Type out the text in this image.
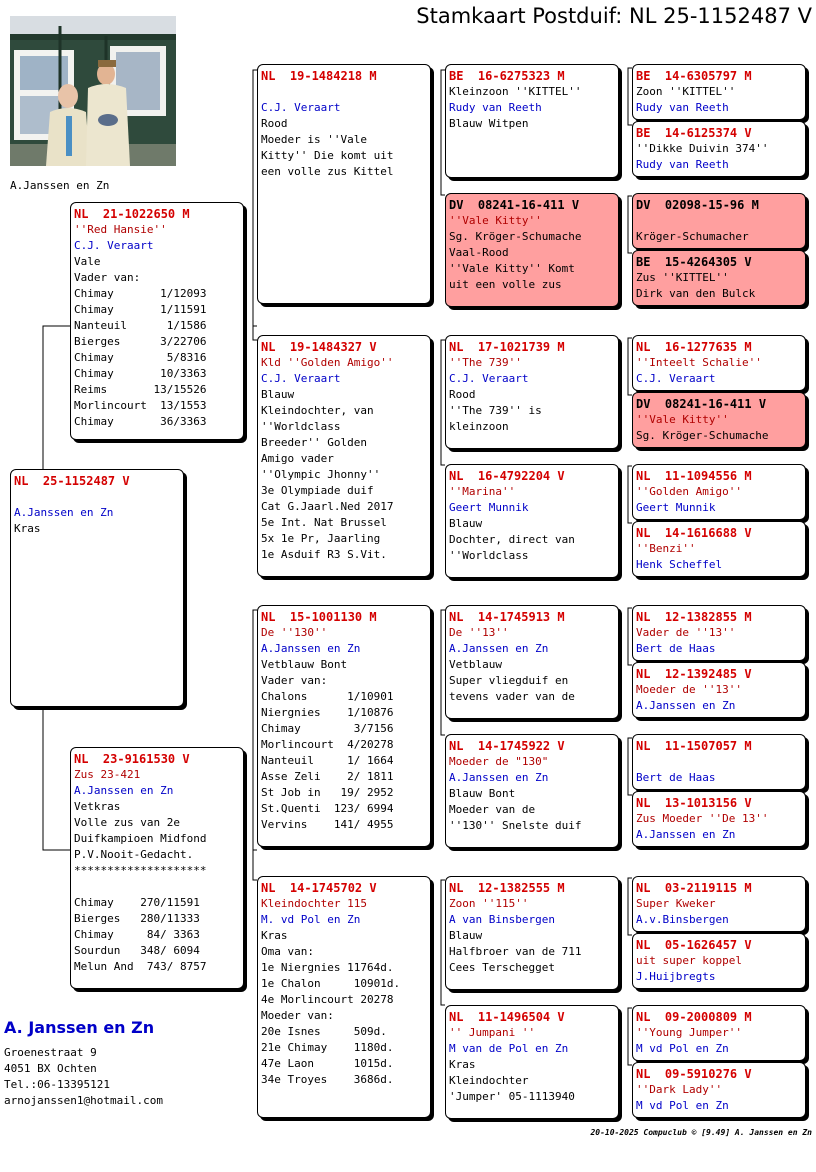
Stamkaart Postduif: NL 25-1152487 V
A.Janssen en Zn
NL  25-1152487 V
A.Janssen en Zn
Kras
NL  21-1022650 M
''Red Hansie''
C.J. Veraart
Vale
Vader van:
Chimay       1/12093
Chimay       1/11591
Nanteuil      1/1586
Bierges      3/22706
Chimay        5/8316
Chimay       10/3363
Reims       13/15526
Morlincourt  13/1553
Chimay       36/3363
NL  23-9161530 V
Zus 23-421
A.Janssen en Zn
Vetkras
Volle zus van 2e
Duifkampioen Midfond
P.V.Nooit-Gedacht.
********************
Chimay    270/11591
Bierges   280/11333
Chimay     84/ 3363
Sourdun   348/ 6094
Melun And  743/ 8757
NL  19-1484218 M
C.J. Veraart
Rood
Moeder is ''Vale
Kitty'' Die komt uit
een volle zus Kittel
NL  19-1484327 V
Kld ''Golden Amigo''
C.J. Veraart
Blauw
Kleindochter, van
''Worldclass
Breeder'' Golden
Amigo vader
''Olympic Jhonny''
3e Olympiade duif
Cat G.Jaarl.Ned 2017
5e Int. Nat Brussel
5x 1e Pr, Jaarling
1e Asduif R3 S.Vit.
NL  15-1001130 M
De ''130''
A.Janssen en Zn
Vetblauw Bont
Vader van:
Chalons      1/10901
Niergnies    1/10876
Chimay        3/7156
Morlincourt  4/20278
Nanteuil     1/ 1664
Asse Zeli    2/ 1811
St Job in   19/ 2952
St.Quenti  123/ 6994
Vervins    141/ 4955
NL  14-1745702 V
Kleindochter 115
M. vd Pol en Zn
Kras
Oma van:
1e Niergnies 11764d.
1e Chalon     10901d.
4e Morlincourt 20278
Moeder van:
20e Isnes     509d.
21e Chimay    1180d.
47e Laon      1015d.
34e Troyes    3686d.
BE  16-6275323 M
Kleinzoon ''KITTEL''
Rudy van Reeth
Blauw Witpen
DV  08241-16-411 V
''Vale Kitty''
Sg. Kröger-Schumache
Vaal-Rood
''Vale Kitty'' Komt
uit een volle zus
NL  17-1021739 M
''The 739''
C.J. Veraart
Rood
''The 739'' is
kleinzoon
NL  16-4792204 V
''Marina''
Geert Munnik
Blauw
Dochter, direct van
''Worldclass
NL  14-1745913 M
De ''13''
A.Janssen en Zn
Vetblauw
Super vliegduif en
tevens vader van de
NL  14-1745922 V
Moeder de "130"
A.Janssen en Zn
Blauw Bont
Moeder van de
''130'' Snelste duif
NL  12-1382555 M
Zoon ''115''
A van Binsbergen
Blauw
Halfbroer van de 711
Cees Terschegget
NL  11-1496504 V
'' Jumpani ''
M van de Pol en Zn
Kras
Kleindochter
'Jumper' 05-1113940
BE  14-6305797 M
Zoon ''KITTEL''
Rudy van Reeth
BE  14-6125374 V
''Dikke Duivin 374''
Rudy van Reeth
DV  02098-15-96 M
Kröger-Schumacher
BE  15-4264305 V
Zus ''KITTEL''
Dirk van den Bulck
NL  16-1277635 M
''Inteelt Schalie''
C.J. Veraart
DV  08241-16-411 V
''Vale Kitty''
Sg. Kröger-Schumache
NL  11-1094556 M
''Golden Amigo''
Geert Munnik
NL  14-1616688 V
''Benzi''
Henk Scheffel
NL  12-1382855 M
Vader de ''13''
Bert de Haas
NL  12-1392485 V
Moeder de ''13''
A.Janssen en Zn
NL  11-1507057 M
Bert de Haas
NL  13-1013156 V
Zus Moeder ''De 13''
A.Janssen en Zn
NL  03-2119115 M
Super Kweker
A.v.Binsbergen
NL  05-1626457 V
uit super koppel
J.Huijbregts
NL  09-2000809 M
''Young Jumper''
M vd Pol en Zn
NL  09-5910276 V
''Dark Lady''
M vd Pol en Zn
A. Janssen en Zn
Groenestraat 9
4051 BX Ochten
Tel.:06-13395121
arnojanssen1@hotmail.com
20-10-2025 Compuclub © [9.49] A. Janssen en Zn
